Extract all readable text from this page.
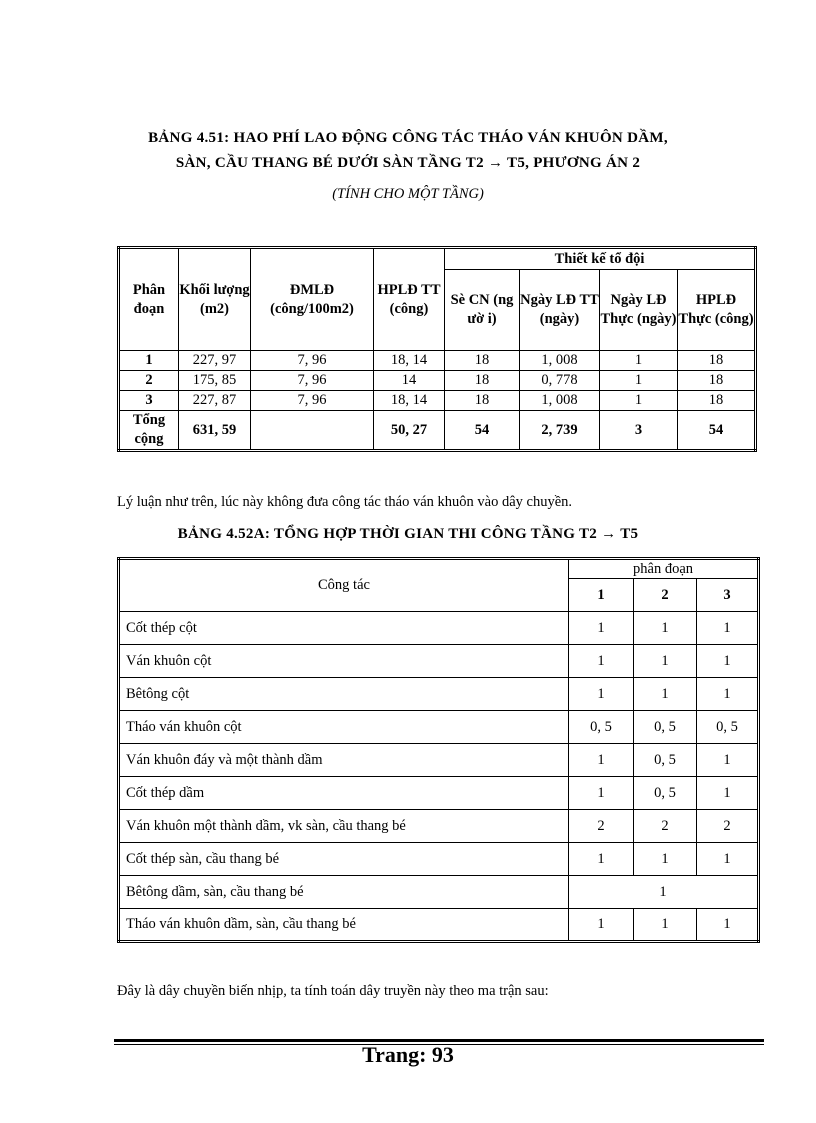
BẢNG 4.51: HAO PHÍ LAO ĐỘNG CÔNG TÁC THÁO VÁN KHUÔN DẦM,
SÀN, CẦU THANG BÉ DƯỚI SÀN TẦNG T2 → T5, PHƯƠNG ÁN 2
(TÍNH CHO MỘT TẦNG)
Phân đoạn	Khối lượng (m2)	ĐMLĐ (công/100m2)	HPLĐ TT (công)	Thiết kế tổ đội			
				Sè CN (ng ườ i)	Ngày LĐ TT (ngày)	Ngày LĐ Thực (ngày)	HPLĐ Thực (công)
1	227, 97	7, 96	18, 14	18	1, 008	1	18
2	175, 85	7, 96	14	18	0, 778	1	18
3	227, 87	7, 96	18, 14	18	1, 008	1	18
Tổng cộng	631, 59		50, 27	54	2, 739	3	54
Lý luận như trên, lúc này không đưa công tác tháo ván khuôn vào dây chuyền.
BẢNG 4.52A: TỔNG HỢP THỜI GIAN THI CÔNG TẦNG T2 → T5
Công tác	phân đoạn		
	1	2	3
Cốt thép cột	1	1	1
Ván khuôn cột	1	1	1
Bêtông cột	1	1	1
Tháo ván khuôn cột	0, 5	0, 5	0, 5
Ván khuôn đáy và một thành dầm	1	0, 5	1
Cốt thép dầm	1	0, 5	1
Ván khuôn một thành dầm, vk sàn, cầu thang bé	2	2	2
Cốt thép sàn, cầu thang bé	1	1	1
Bêtông dầm, sàn, cầu thang bé	1		
Tháo ván khuôn dầm, sàn, cầu thang bé	1	1	1
Đây là dây chuyền biến nhịp, ta tính toán dây truyền này theo ma trận sau:
Trang: 93
